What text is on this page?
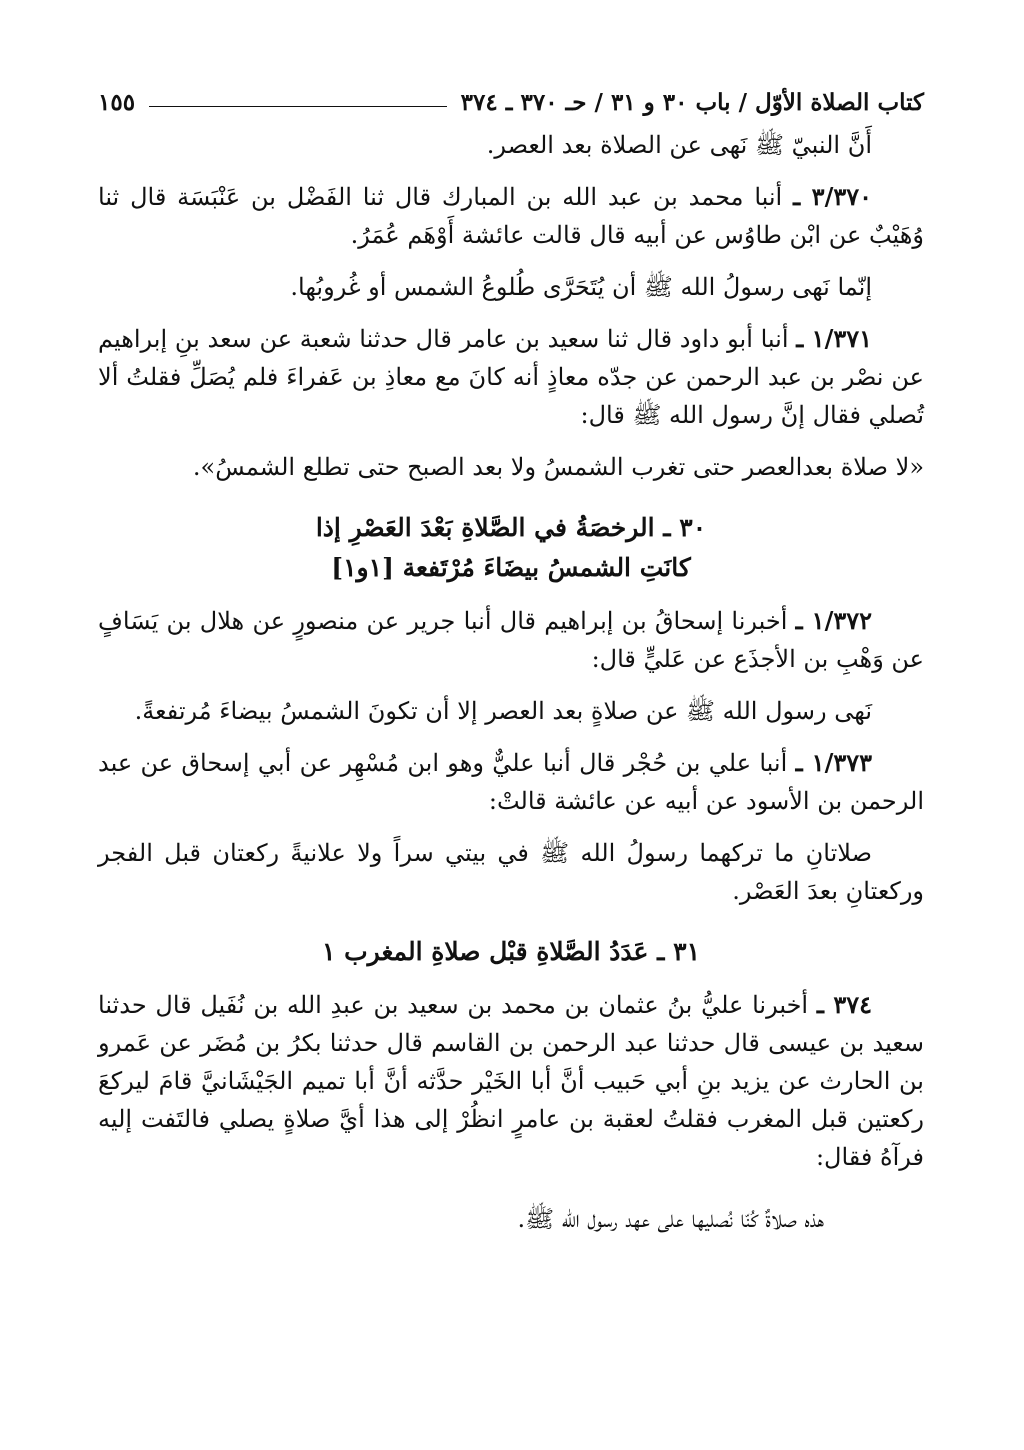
كتاب الصلاة الأوّل / باب ٣٠ و ٣١ / حـ ٣٧٠ ـ ٣٧٤
١٥٥

أَنَّ النبيّ ﷺ نَهى عن الصلاة بعد العصر.

٣/٣٧٠ ـ أنبا محمد بن عبد الله بن المبارك قال ثنا الفَضْل بن عَنْبَسَة قال ثنا وُهَيْبٌ عن ابْن طاوُس عن أبيه قال قالت عائشة أَوْهَم عُمَرُ.

إنّما نَهى رسولُ الله ﷺ أن يُتَحَرَّى طُلوعُ الشمس أو غُروبُها.

١/٣٧١ ـ أنبا أبو داود قال ثنا سعيد بن عامر قال حدثنا شعبة عن سعد بنِ إبراهيم عن نصْر بن عبد الرحمن عن جدّه معاذٍ أنه كانَ مع معاذِ بن عَفراءَ فلم يُصَلِّ فقلتُ ألا تُصلي فقال إنَّ رسول الله ﷺ قال:

«لا صلاة بعدالعصر حتى تغرب الشمسُ ولا بعد الصبح حتى تطلع الشمسُ».

٣٠ ـ الرخصَةُ في الصَّلاةِ بَعْدَ العَصْرِ إذا
كانَتِ الشمسُ بيضَاءَ مُرْتَفعة [١و١]

١/٣٧٢ ـ أخبرنا إسحاقُ بن إبراهيم قال أنبا جرير عن منصورٍ عن هلال بن يَسَافٍ عن وَهْبِ بن الأجذَع عن عَليٍّ قال:

نَهى رسول الله ﷺ عن صلاةٍ بعد العصر إلا أن تكونَ الشمسُ بيضاءَ مُرتفعةً.

١/٣٧٣ ـ أنبا علي بن حُجْر قال أنبا عليٌّ وهو ابن مُسْهِر عن أبي إسحاق عن عبد الرحمن بن الأسود عن أبيه عن عائشة قالتْ:

صلاتانِ ما تركهما رسولُ الله ﷺ في بيتي سراً ولا علانيةً ركعتان قبل الفجر وركعتانِ بعدَ العَصْر.

٣١ ـ عَدَدُ الصَّلاةِ قبْل صلاةِ المغرب ١

٣٧٤ ـ أخبرنا عليُّ بنُ عثمان بن محمد بن سعيد بن عبدِ الله بن نُفَيل قال حدثنا سعيد بن عيسى قال حدثنا عبد الرحمن بن القاسم قال حدثنا بكرُ بن مُضَر عن عَمرو بن الحارث عن يزيد بنِ أبي حَبيب أنَّ أبا الخَيْر حدَّثه أنَّ أبا تميم الجَيْشَانيَّ قامَ ليركعَ ركعتين قبل المغرب فقلتُ لعقبة بن عامرٍ انظُرْ إلى هذا أيَّ صلاةٍ يصلي فالتَفت إليه فرآهُ فقال:

هذه صلاةٌ كُنّا نُصليها على عهد رسول الله ﷺ.
